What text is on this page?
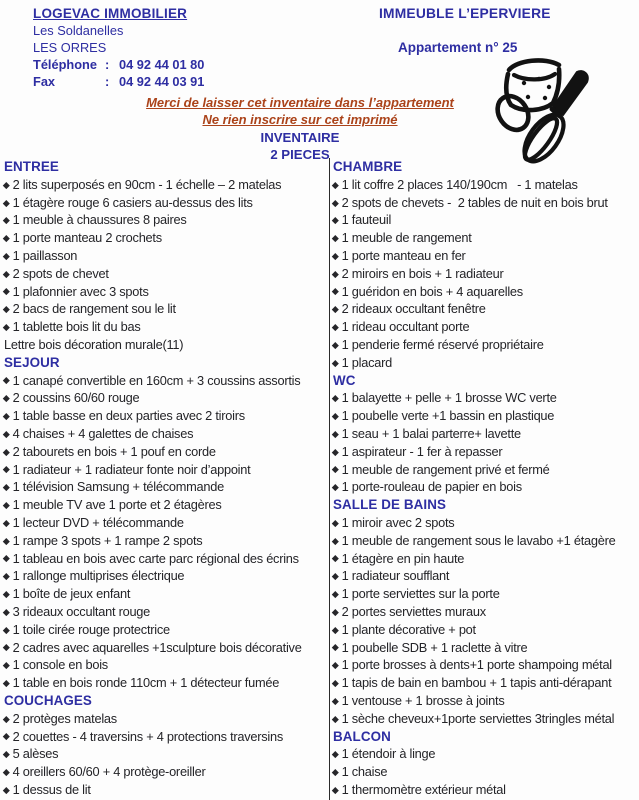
LOGEVAC IMMOBILIER
Les Soldanelles
LES ORRES
Téléphone : 04 92 44 01 80
Fax	: 04 92 44 03 91
IMMEUBLE L’EPERVIERE
Appartement n° 25
Merci de laisser cet inventaire dans l’appartement
Ne rien inscrire sur cet imprimé
INVENTAIRE
2 PIECES
ENTREE
2 lits superposés en 90cm - 1 échelle – 2 matelas
1 étagère rouge 6 casiers au-dessus des lits
1 meuble à chaussures 8 paires
1 porte manteau 2 crochets
1 paillasson
2 spots de chevet
1 plafonnier avec 3 spots
2 bacs de rangement sou le lit
1 tablette bois lit du bas
Lettre bois décoration murale(11)
SEJOUR
1 canapé convertible en 160cm + 3 coussins assortis
2 coussins 60/60 rouge
1 table basse en deux parties avec 2 tiroirs
4 chaises + 4 galettes de chaises
2 tabourets en bois + 1 pouf en corde
1 radiateur + 1 radiateur fonte noir d’appoint
1 télévision Samsung + télécommande
1 meuble TV ave 1 porte et 2 étagères
1 lecteur DVD + télécommande
1 rampe 3 spots + 1 rampe 2 spots
1 tableau en bois avec carte parc régional des écrins
1 rallonge multiprises électrique
1 boîte de jeux enfant
3 rideaux occultant rouge
1 toile cirée rouge protectrice
2 cadres avec aquarelles +1sculpture bois décorative
1 console en bois
1 table en bois ronde 110cm + 1 détecteur fumée
COUCHAGES
2 protèges matelas
2 couettes - 4 traversins + 4 protections traversins
5 alèses
4 oreillers 60/60 + 4 protège-oreiller
1 dessus de lit
CHAMBRE
1 lit coffre 2 places 140/190cm   - 1 matelas
2 spots de chevets -  2 tables de nuit en bois brut
1 fauteuil
1 meuble de rangement
1 porte manteau en fer
2 miroirs en bois + 1 radiateur
1 guéridon en bois + 4 aquarelles
2 rideaux occultant fenêtre
1 rideau occultant porte
1 penderie fermé réservé propriétaire
1 placard
WC
1 balayette + pelle + 1 brosse WC verte
1 poubelle verte +1 bassin en plastique
1 seau + 1 balai parterre+ lavette
1 aspirateur - 1 fer à repasser
1 meuble de rangement privé et fermé
1 porte-rouleau de papier en bois
SALLE DE BAINS
1 miroir avec 2 spots
1 meuble de rangement sous le lavabo +1 étagère
1 étagère en pin haute
1 radiateur soufflant
1 porte serviettes sur la porte
2 portes serviettes muraux
1 plante décorative + pot
1 poubelle SDB + 1 raclette à vitre
1 porte brosses à dents+1 porte shampoing métal
1 tapis de bain en bambou + 1 tapis anti-dérapant
1 ventouse + 1 brosse à joints
1 sèche cheveux+1porte serviettes 3tringles métal
BALCON
1 étendoir à linge
1 chaise
1 thermomètre extérieur métal
